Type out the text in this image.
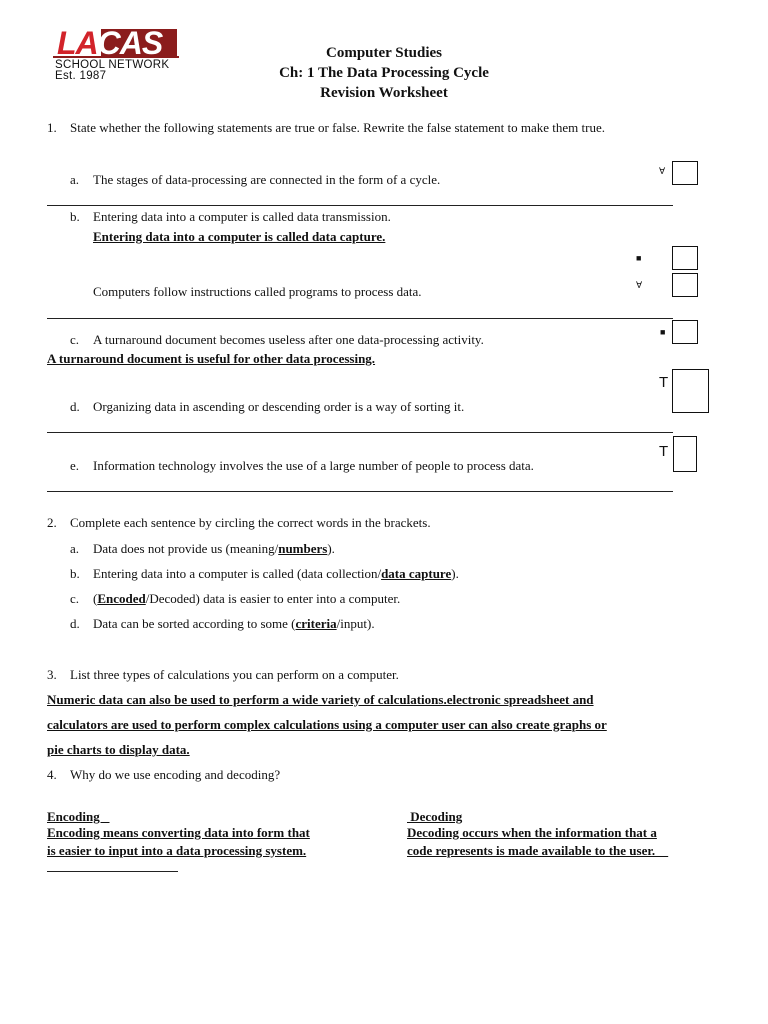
LACAS
SCHOOL NETWORK
Est. 1987
Computer Studies
Ch: 1 The Data Processing Cycle
Revision Worksheet
1. State whether the following statements are true or false. Rewrite the false statement to make them true.
a. The stages of data-processing are connected in the form of a cycle.
∀
b. Entering data into a computer is called data transmission.
Entering data into a computer is called data capture.
■
Computers follow instructions called programs to process data.	∀
c. A turnaround document becomes useless after one data-processing activity.	■
A turnaround document is useful for other data processing.
T
d. Organizing data in ascending or descending order is a way of sorting it.
T
e. Information technology involves the use of a large number of people to process data.
2. Complete each sentence by circling the correct words in the brackets.
a. Data does not provide us (meaning/numbers).
b. Entering data into a computer is called (data collection/data capture).
c. (Encoded/Decoded) data is easier to enter into a computer.
d. Data can be sorted according to some (criteria/input).
3. List three types of calculations you can perform on a computer.
Numeric data can also be used to perform a wide variety of calculations.electronic spreadsheet and
calculators are used to perform complex calculations using a computer user can also create graphs or
pie charts to display data.
4. Why do we use encoding and decoding?
Encoding
Encoding means converting data into form that
is easier to input into a data processing system.
Decoding
Decoding occurs when the information that a
code represents is made available to the user.
